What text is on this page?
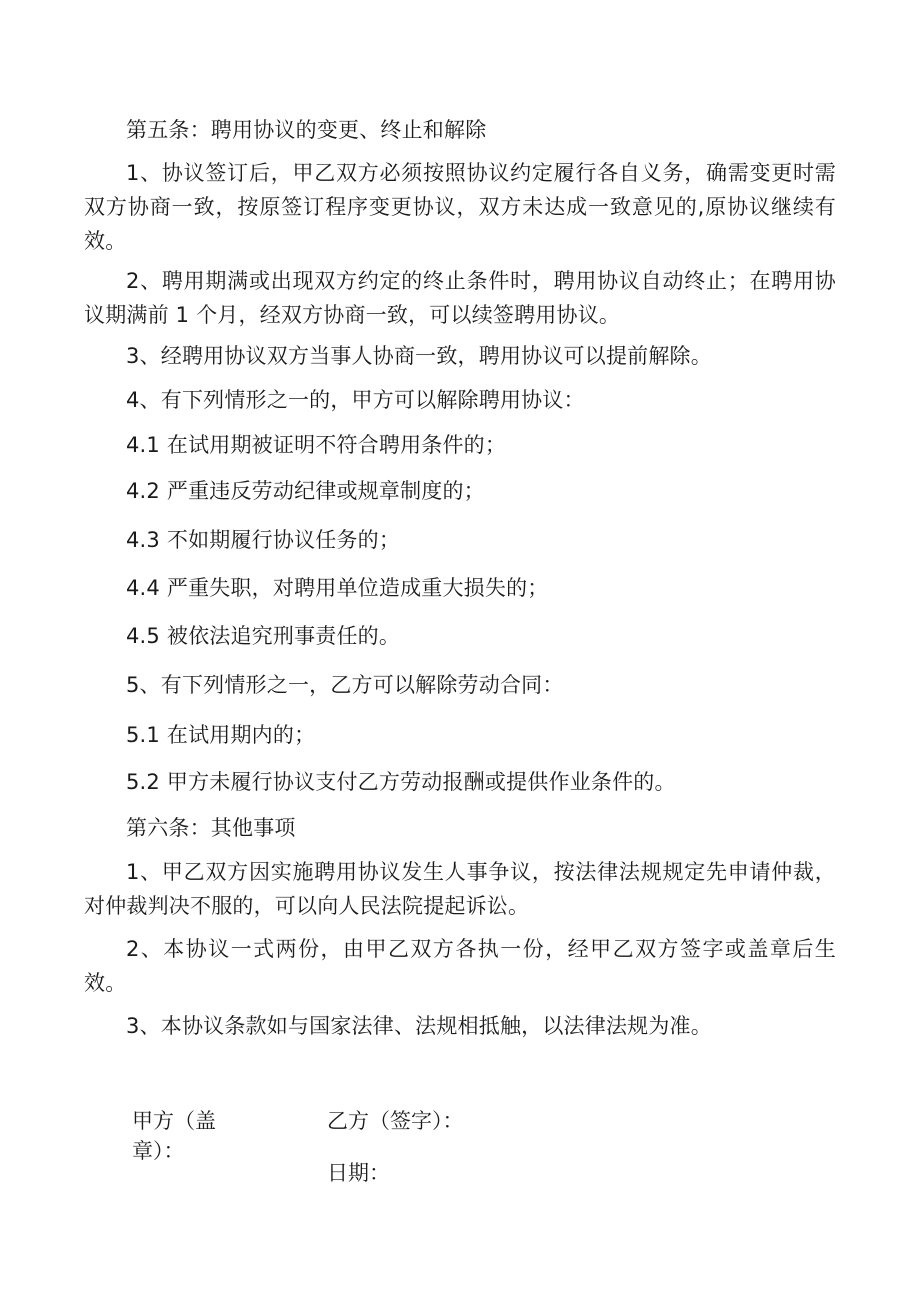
第五条：聘用协议的变更、终止和解除

1、协议签订后，甲乙双方必须按照协议约定履行各自义务，确需变更时需双方协商一致，按原签订程序变更协议，双方未达成一致意见的,原协议继续有效。

2、聘用期满或出现双方约定的终止条件时，聘用协议自动终止；在聘用协议期满前 1 个月，经双方协商一致，可以续签聘用协议。

3、经聘用协议双方当事人协商一致，聘用协议可以提前解除。

4、有下列情形之一的，甲方可以解除聘用协议：

4.1 在试用期被证明不符合聘用条件的；

4.2 严重违反劳动纪律或规章制度的；

4.3 不如期履行协议任务的；

4.4 严重失职，对聘用单位造成重大损失的；

4.5 被依法追究刑事责任的。

5、有下列情形之一，乙方可以解除劳动合同：

5.1 在试用期内的；

5.2 甲方未履行协议支付乙方劳动报酬或提供作业条件的。

第六条：其他事项

1、甲乙双方因实施聘用协议发生人事争议，按法律法规规定先申请仲裁，对仲裁判决不服的，可以向人民法院提起诉讼。

2、本协议一式两份，由甲乙双方各执一份，经甲乙双方签字或盖章后生效。

3、本协议条款如与国家法律、法规相抵触，以法律法规为准。

甲方（盖章）：

乙方（签字）：

日期：
